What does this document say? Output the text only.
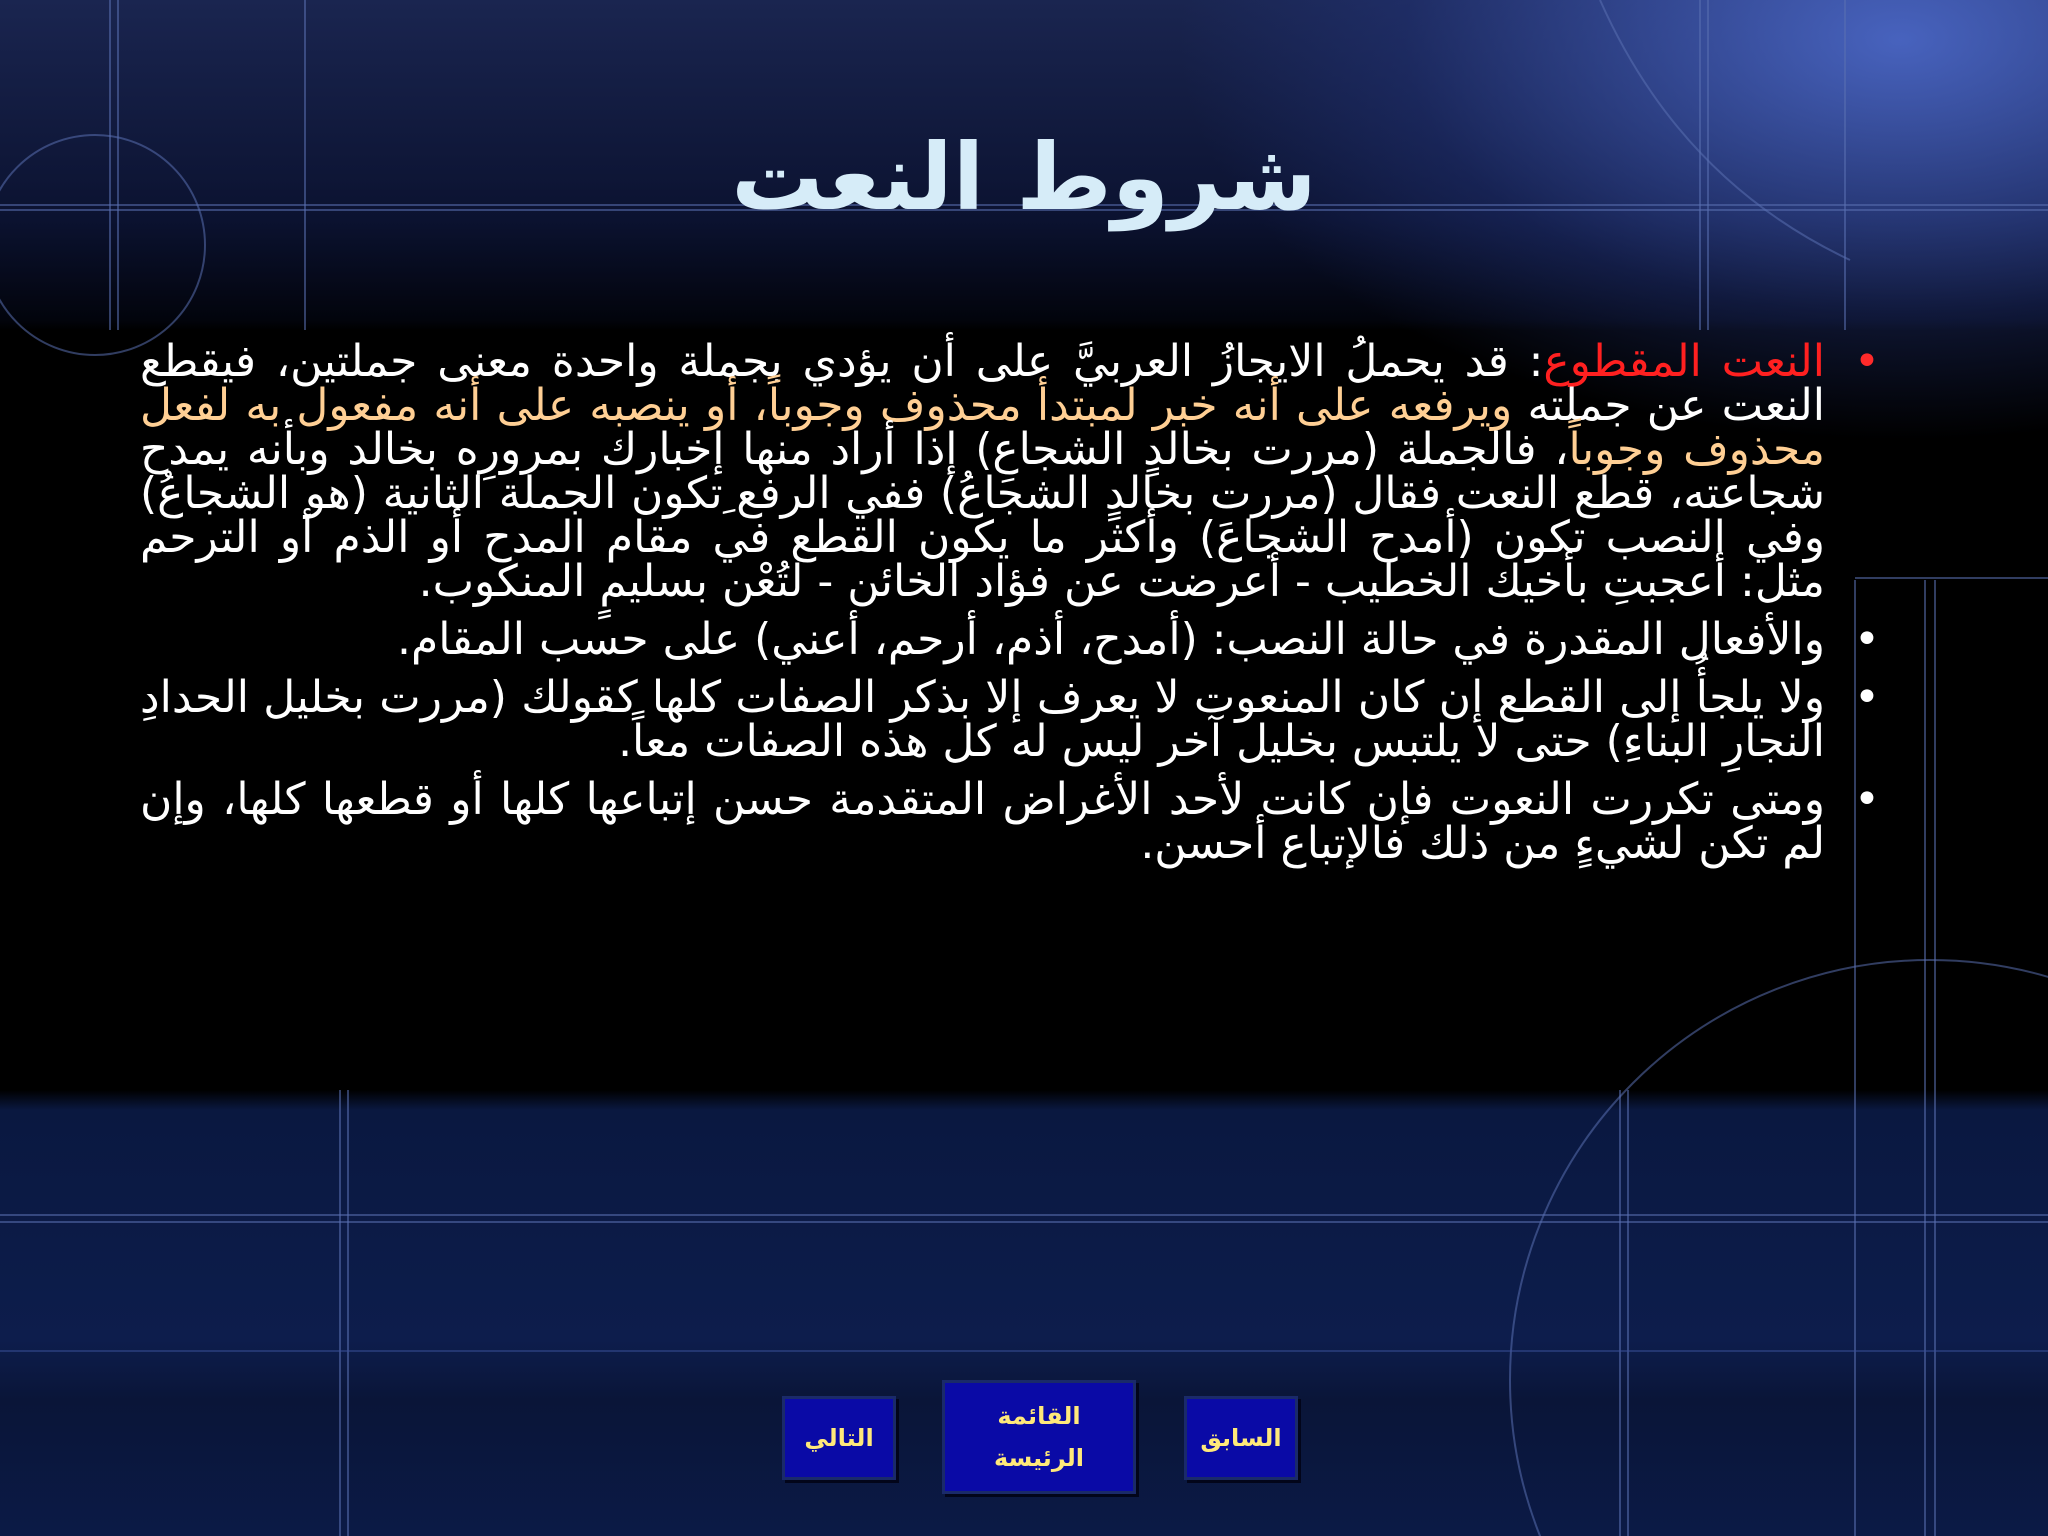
شروط النعت
•
النعت المقطوع: قد يحملُ الايجازُ العربيَّ على أن يؤدي بجملة واحدة معنى جملتين، فيقطع النعت عن جملته ويرفعه على أنه خبر لمبتدأ محذوف وجوباً، أو ينصبه على أنه مفعول به لفعل محذوف وجوباً، فالجملة (مررت بخالدٍ الشجاعِ) إذا أراد منها إخبارك بمرورِه بخالد وبأنه يمدح شجاعته، قطع النعت فقال (مررت بخالدٍ الشجاعُ) ففي الرفع ِتكون الجملة الثانية (هو الشجاعُ) وفي النصب تكون (أمدح الشجاعَ) وأكثر ما يكون القطع في مقام المدح أو الذم أو الترحم مثل: أعجبتِ بأخيك الخطيب - أعرضت عن فؤاد الخائن - لتُعْن بسليمٍ المنكوب.
•
والأفعال المقدرة في حالة النصب: (أمدح، أذم، أرحم، أعني) على حسب المقام.
•
ولا يلجأُ إلى القطع إن كان المنعوت لا يعرف إلا بذكر الصفات كلها كقولك (مررت بخليل الحدادِ النجارِ البناءِ) حتى لا يلتبس بخليل آخر ليس له كل هذه الصفات معاً.
•
ومتى تكررت النعوت فإن كانت لأحد الأغراض المتقدمة حسن إتباعها كلها أو قطعها كلها، وإن لم تكن لشيءٍ من ذلك فالإتباع أحسن.
التالي
القائمة
الرئيسة
السابق
